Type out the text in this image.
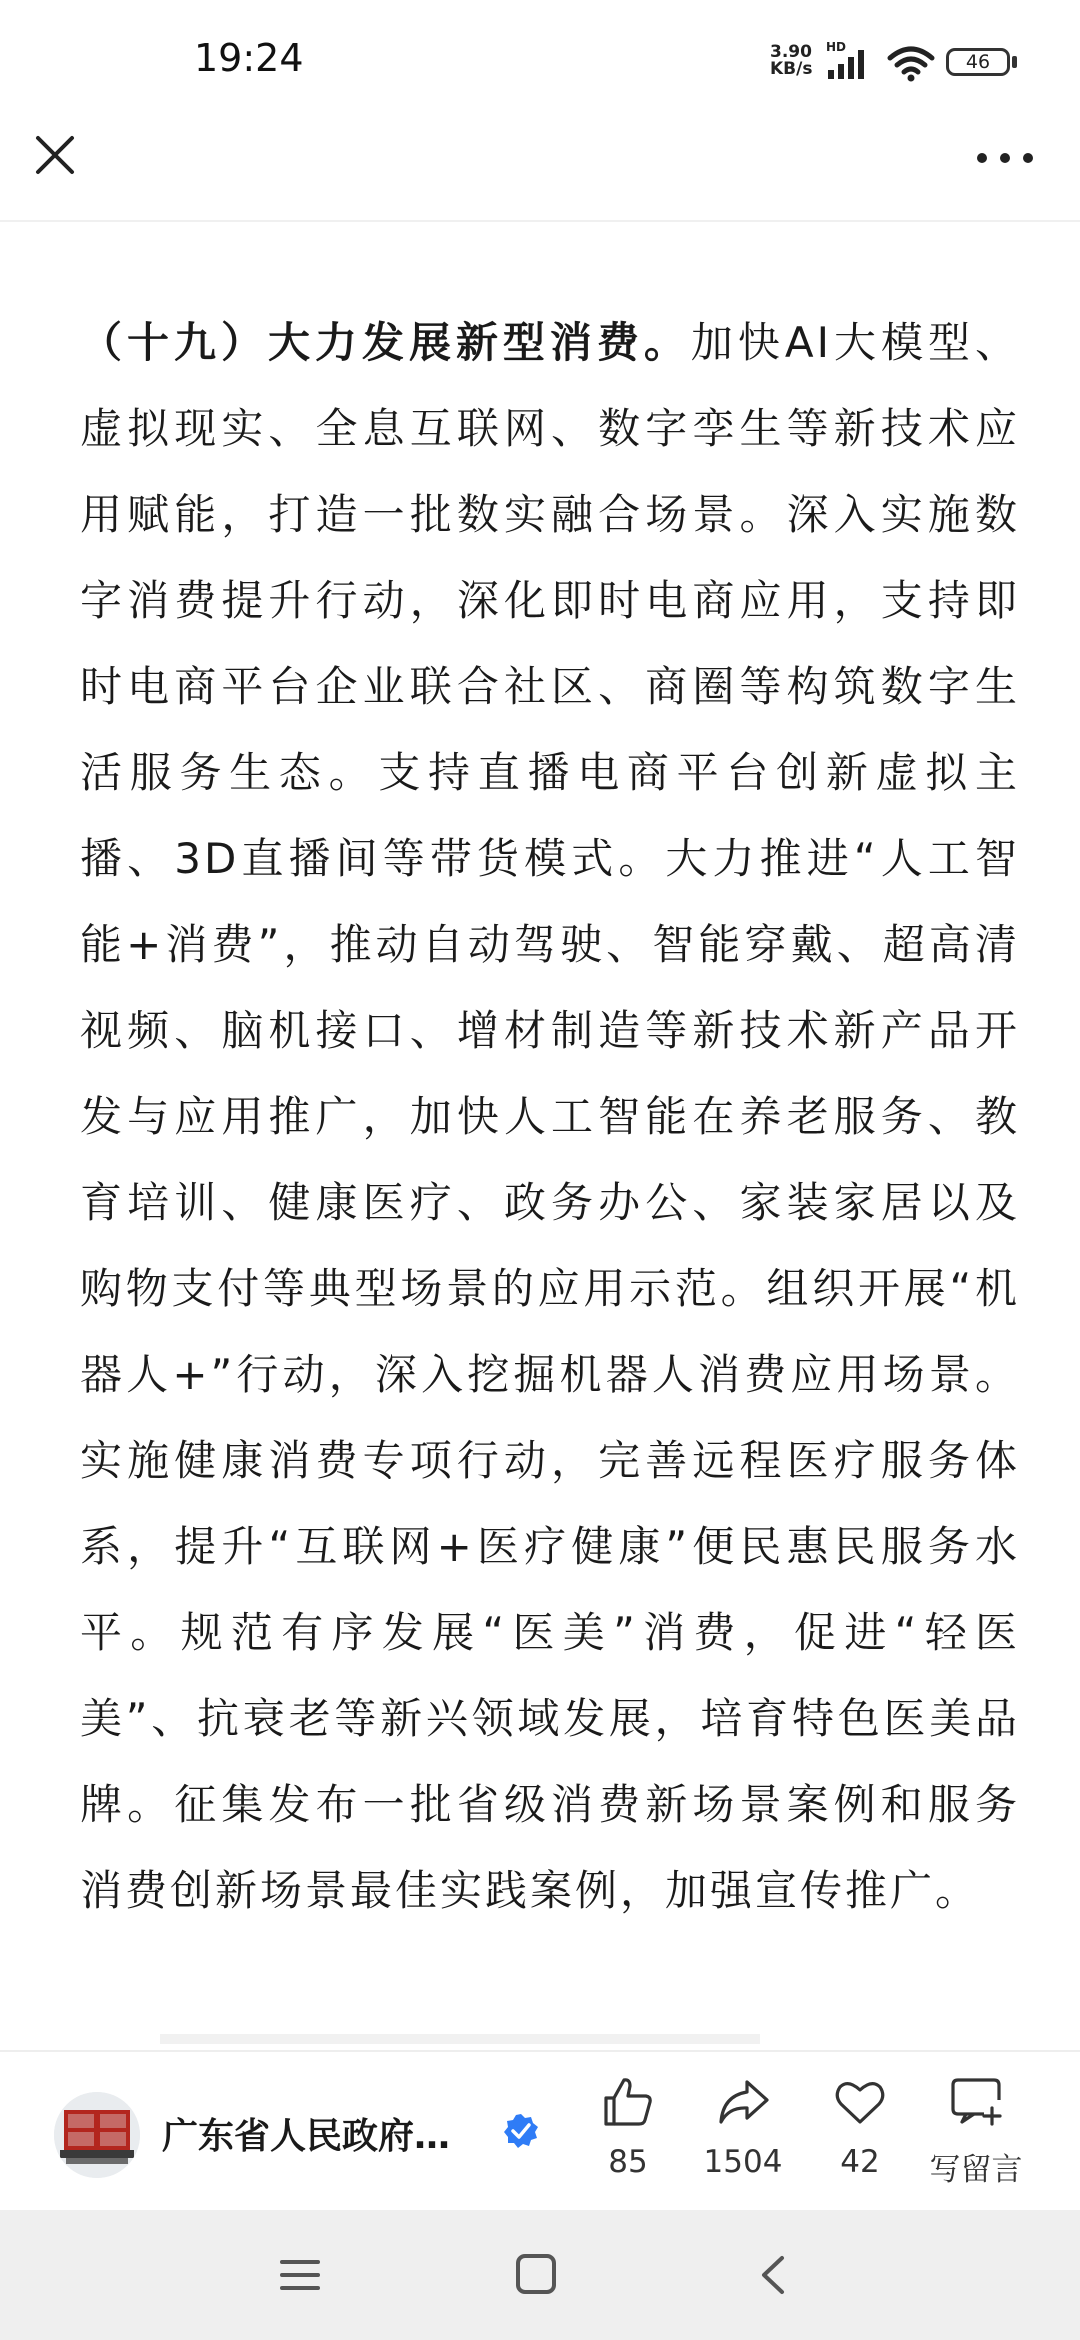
19:24	3.90
KB/s
HD
46

（十九）大力发展新型消费。加快AI大模型、虚拟现实、全息互联网、数字孪生等新技术应用赋能，打造一批数实融合场景。深入实施数字消费提升行动，深化即时电商应用，支持即时电商平台企业联合社区、商圈等构筑数字生活服务生态。支持直播电商平台创新虚拟主播、3D直播间等带货模式。大力推进“人工智能+消费”，推动自动驾驶、智能穿戴、超高清视频、脑机接口、增材制造等新技术新产品开发与应用推广，加快人工智能在养老服务、教育培训、健康医疗、政务办公、家装家居以及购物支付等典型场景的应用示范。组织开展“机器人+”行动，深入挖掘机器人消费应用场景。实施健康消费专项行动，完善远程医疗服务体系，提升“互联网+医疗健康”便民惠民服务水平。规范有序发展“医美”消费，促进“轻医美”、抗衰老等新兴领域发展，培育特色医美品牌。征集发布一批省级消费新场景案例和服务消费创新场景最佳实践案例，加强宣传推广。

广东省人民政府…
85	1504	42	写留言
